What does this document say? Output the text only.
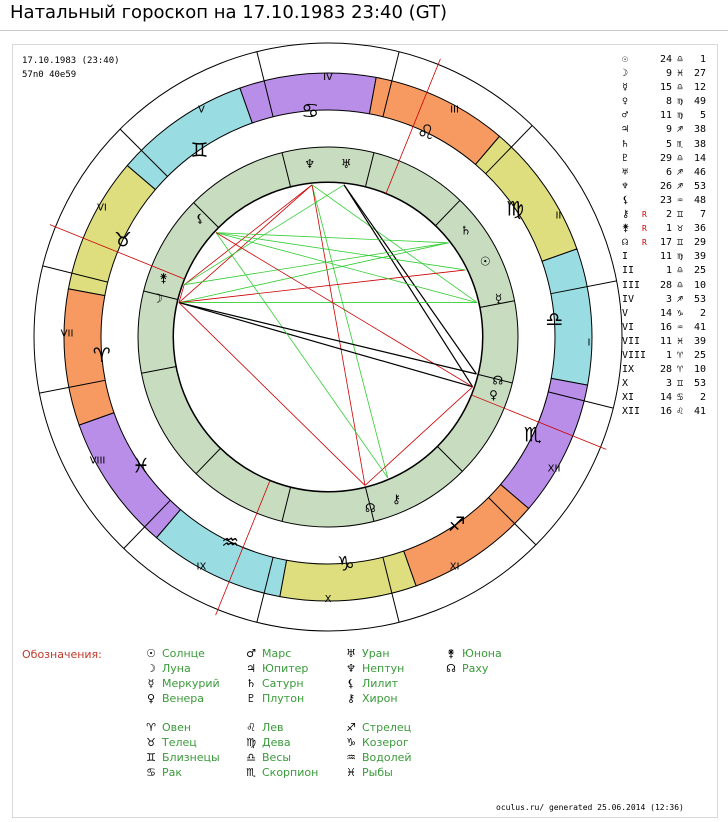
Натальный гороскоп на 17.10.1983 23:40 (GT)
♎
♍
♌
♋
♊
♉
♈
♓
♒
♑
♐
♏
I
II
III
IV
V
VI
VII
VIII
IX
X
XI
XII
♆ ♅
♄
☉
☿
☊
♀
⚷
☊
⚵
⚸
☽
17.10.1983 (23:40)
57n0 40e59
☉	24 ♎ 1
☽	9 ♓ 27
☿	15 ♎ 12
♀	8 ♍ 49
♂	11 ♍ 5
♃	9 ♐ 38
♄	5 ♏ 38
♇	29 ♎ 14
♅	6 ♐ 46
♆	26 ♐ 53
⚸	23 ♒ 48
⚷ R 2 ♊ 7
⚵ R 1 ♉ 36
☊ R 17 ♊ 29
I	11 ♍ 39
II	1 ♎ 25
III 28 ♎ 10
IV	3 ♐ 53
V	14 ♑ 2
VI	16 ♒ 41
VII 11 ♓ 39
VIII 1 ♈ 25
IX	28 ♈ 10
X	3 ♊ 53
XI	14 ♋ 2
XII 16 ♌ 41
Обозначения:	☉ Солнце
☽ Луна
☿ Меркурий
♀ Венера
♂ Марс
♃ Юпитер
♄ Сатурн
♇ Плутон
♅ Уран
♆ Нептун
⚸ Лилит
⚷ Хирон
⚵ Юнона
☊ Раху
♈ Овен
♉ Телец
♊ Близнецы
♋ Рак
♌ Лев
♍ Дева
♎ Весы
♏ Скорпион
♐ Стрелец
♑ Козерог
♒ Водолей
♓ Рыбы
oculus.ru/ generated 25.06.2014 (12:36)
